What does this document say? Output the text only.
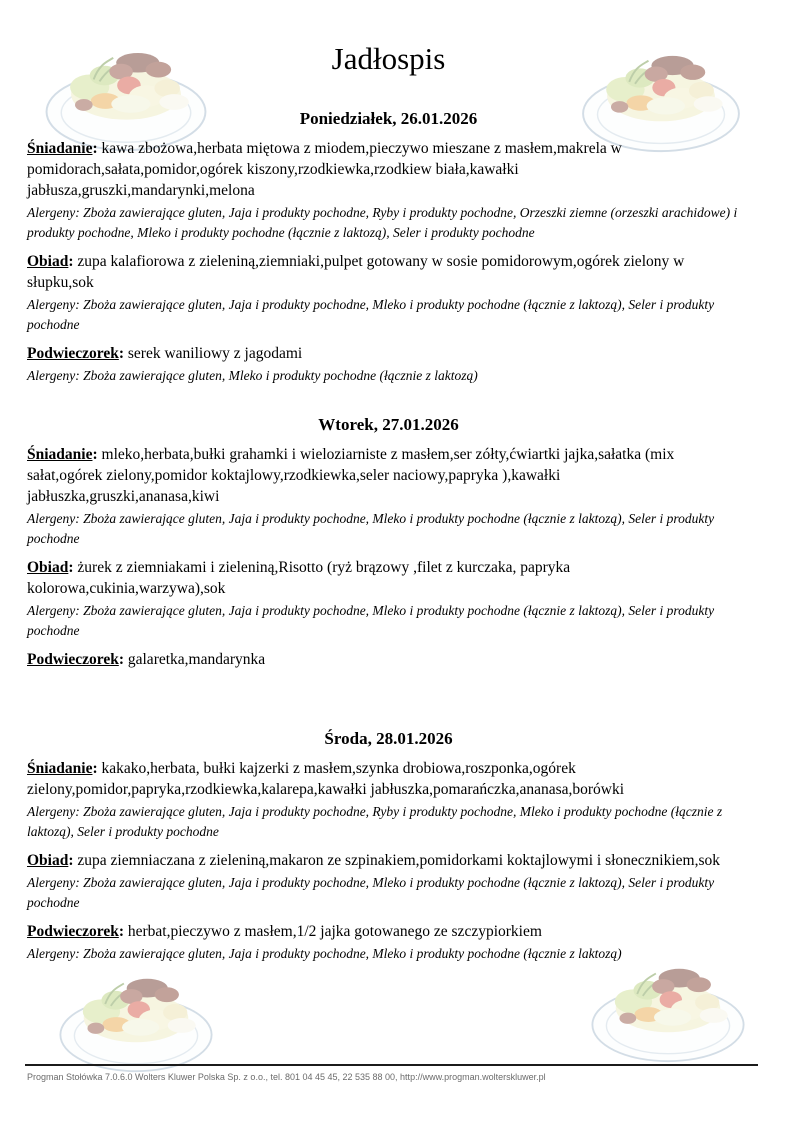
Jadłospis
Poniedziałek, 26.01.2026

Śniadanie: kawa zbożowa,herbata miętowa z miodem,pieczywo mieszane z masłem,makrela w pomidorach,sałata,pomidor,ogórek kiszony,rzodkiewka,rzodkiew biała,kawałki jabłusza,gruszki,mandarynki,melona

Alergeny: Zboża zawierające gluten, Jaja i produkty pochodne, Ryby i produkty pochodne, Orzeszki ziemne (orzeszki arachidowe) i produkty pochodne, Mleko i produkty pochodne (łącznie z laktozą), Seler i produkty pochodne

Obiad: zupa kalafiorowa z zieleniną,ziemniaki,pulpet gotowany w sosie pomidorowym,ogórek zielony w słupku,sok

Alergeny: Zboża zawierające gluten, Jaja i produkty pochodne, Mleko i produkty pochodne (łącznie z laktozą), Seler i produkty pochodne

Podwieczorek: serek waniliowy z jagodami

Alergeny: Zboża zawierające gluten, Mleko i produkty pochodne (łącznie z laktozą)

Wtorek, 27.01.2026

Śniadanie: mleko,herbata,bułki grahamki i wieloziarniste z masłem,ser zółty,ćwiartki jajka,sałatka (mix sałat,ogórek zielony,pomidor koktajlowy,rzodkiewka,seler naciowy,papryka ),kawałki jabłuszka,gruszki,ananasa,kiwi

Alergeny: Zboża zawierające gluten, Jaja i produkty pochodne, Mleko i produkty pochodne (łącznie z laktozą), Seler i produkty pochodne

Obiad: żurek z ziemniakami i zieleniną,Risotto (ryż brązowy ,filet z kurczaka, papryka kolorowa,cukinia,warzywa),sok

Alergeny: Zboża zawierające gluten, Jaja i produkty pochodne, Mleko i produkty pochodne (łącznie z laktozą), Seler i produkty pochodne

Podwieczorek: galaretka,mandarynka

Środa, 28.01.2026

Śniadanie: kakako,herbata, bułki kajzerki z masłem,szynka drobiowa,roszponka,ogórek zielony,pomidor,papryka,rzodkiewka,kalarepa,kawałki jabłuszka,pomarańczka,ananasa,borówki

Alergeny: Zboża zawierające gluten, Jaja i produkty pochodne, Ryby i produkty pochodne, Mleko i produkty pochodne (łącznie z laktozą), Seler i produkty pochodne

Obiad: zupa ziemniaczana z zieleniną,makaron ze szpinakiem,pomidorkami koktajlowymi i słonecznikiem,sok

Alergeny: Zboża zawierające gluten, Jaja i produkty pochodne, Mleko i produkty pochodne (łącznie z laktozą), Seler i produkty pochodne

Podwieczorek: herbat,pieczywo z masłem,1/2 jajka gotowanego ze szczypiorkiem

Alergeny: Zboża zawierające gluten, Jaja i produkty pochodne, Mleko i produkty pochodne (łącznie z laktozą)

Progman Stołówka 7.0.6.0 Wolters Kluwer Polska Sp. z o.o., tel. 801 04 45 45, 22 535 88 00, http://www.progman.wolterskluwer.pl
